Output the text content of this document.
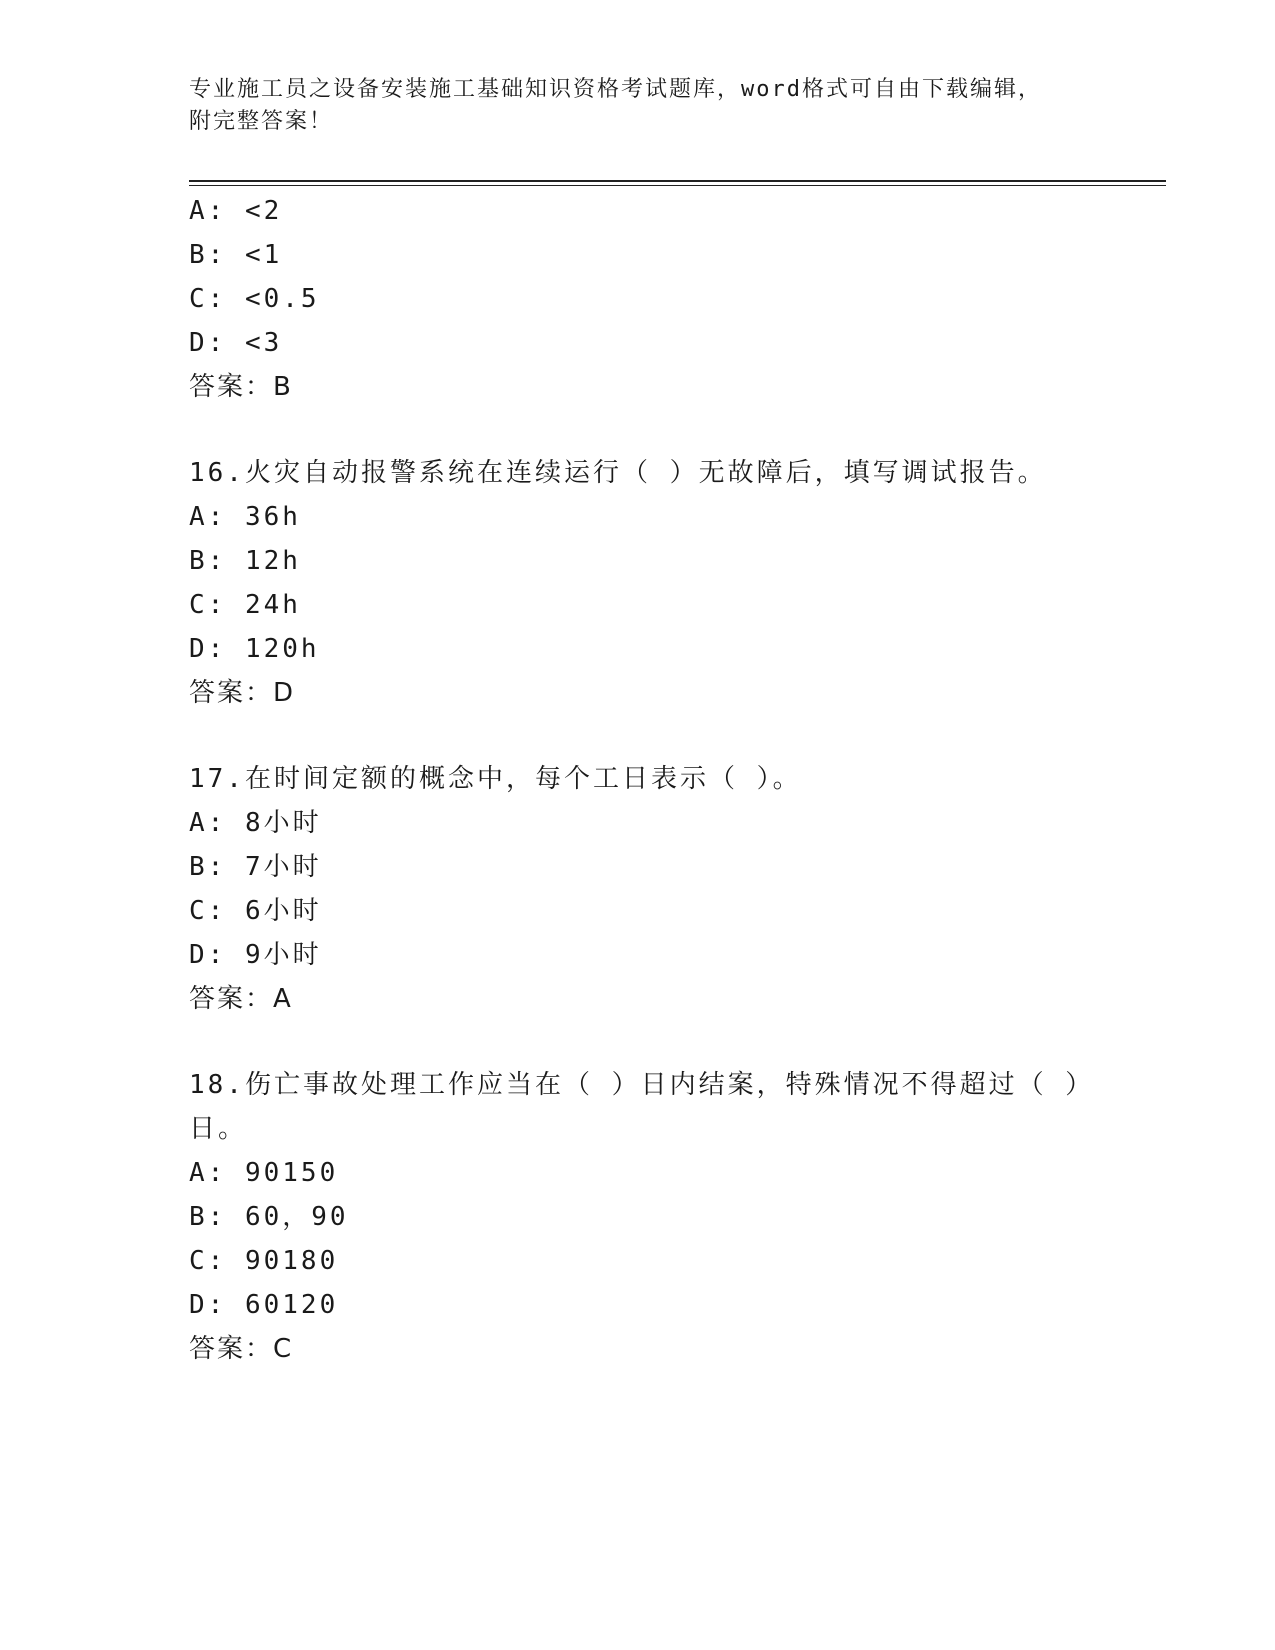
专业施工员之设备安装施工基础知识资格考试题库，word格式可自由下载编辑，
附完整答案！
A: <2
B: <1
C: <0.5
D: <3
答案：B
16.火灾自动报警系统在连续运行（ ）无故障后，填写调试报告。
A: 36h
B: 12h
C: 24h
D: 120h
答案：D
17.在时间定额的概念中，每个工日表示（ ）。
A: 8小时
B: 7小时
C: 6小时
D: 9小时
答案：A
18.伤亡事故处理工作应当在（ ）日内结案，特殊情况不得超过（ ）
日。
A: 90150
B: 60，90
C: 90180
D: 60120
答案：C
